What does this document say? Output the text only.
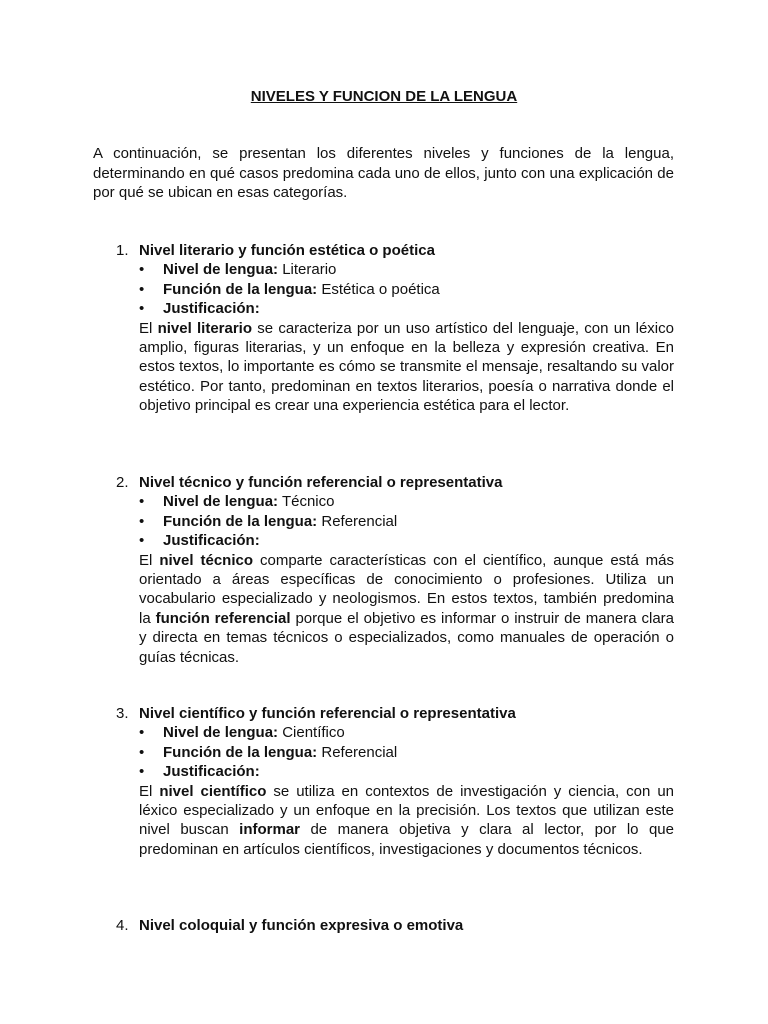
NIVELES Y FUNCION DE LA LENGUA
A continuación, se presentan los diferentes niveles y funciones de la lengua, determinando en qué casos predomina cada uno de ellos, junto con una explicación de por qué se ubican en esas categorías.
1. Nivel literario y función estética o poética
• Nivel de lengua: Literario
• Función de la lengua: Estética o poética
• Justificación:
El nivel literario se caracteriza por un uso artístico del lenguaje, con un léxico amplio, figuras literarias, y un enfoque en la belleza y expresión creativa. En estos textos, lo importante es cómo se transmite el mensaje, resaltando su valor estético. Por tanto, predominan en textos literarios, poesía o narrativa donde el objetivo principal es crear una experiencia estética para el lector.
2. Nivel técnico y función referencial o representativa
• Nivel de lengua: Técnico
• Función de la lengua: Referencial
• Justificación:
El nivel técnico comparte características con el científico, aunque está más orientado a áreas específicas de conocimiento o profesiones. Utiliza un vocabulario especializado y neologismos. En estos textos, también predomina la función referencial porque el objetivo es informar o instruir de manera clara y directa en temas técnicos o especializados, como manuales de operación o guías técnicas.
3. Nivel científico y función referencial o representativa
• Nivel de lengua: Científico
• Función de la lengua: Referencial
• Justificación:
El nivel científico se utiliza en contextos de investigación y ciencia, con un léxico especializado y un enfoque en la precisión. Los textos que utilizan este nivel buscan informar de manera objetiva y clara al lector, por lo que predominan en artículos científicos, investigaciones y documentos técnicos.
4. Nivel coloquial y función expresiva o emotiva
